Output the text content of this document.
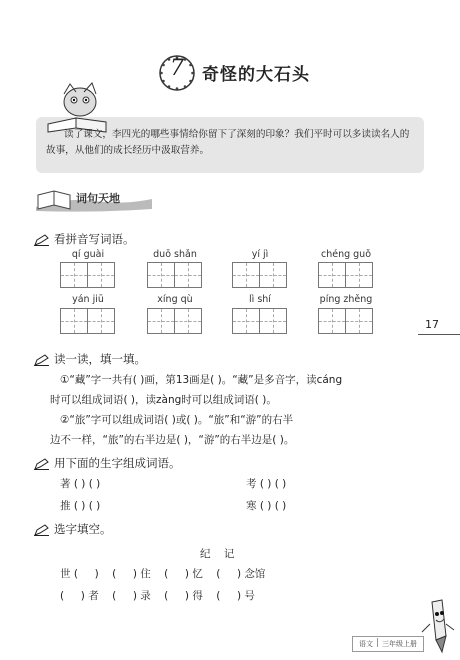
7	奇怪的大石头
读了课文，李四光的哪些事情给你留下了深刻的印象？我们平时可以多读读名人的故事，从他们的成长经历中汲取营养。
词句天地
看拼音写词语。
qí guài	duō shǎn	yí jì	chéng guǒ
yán jiū	xíng qù	lì shí	píng zhěng
17
读一读，填一填。
①“藏”字一共有( )画，第13画是( )。“藏”是多音字，读cáng
时可以组成词语( )，读zàng时可以组成词语( )。
②“旅”字可以组成词语( )或( )。“旅”和“游”的右半
边不一样，“旅”的右半边是( )，“游”的右半边是( )。
用下面的生字组成词语。
著 ( ) ( )	考 ( ) ( )
推 ( ) ( )	寒 ( ) ( )
选字填空。
纪    记
世 (     )    (     ) 住    (     ) 忆    (     ) 念馆
(     ) 者    (     ) 录    (     ) 得    (     ) 号
语文 三年级上册
